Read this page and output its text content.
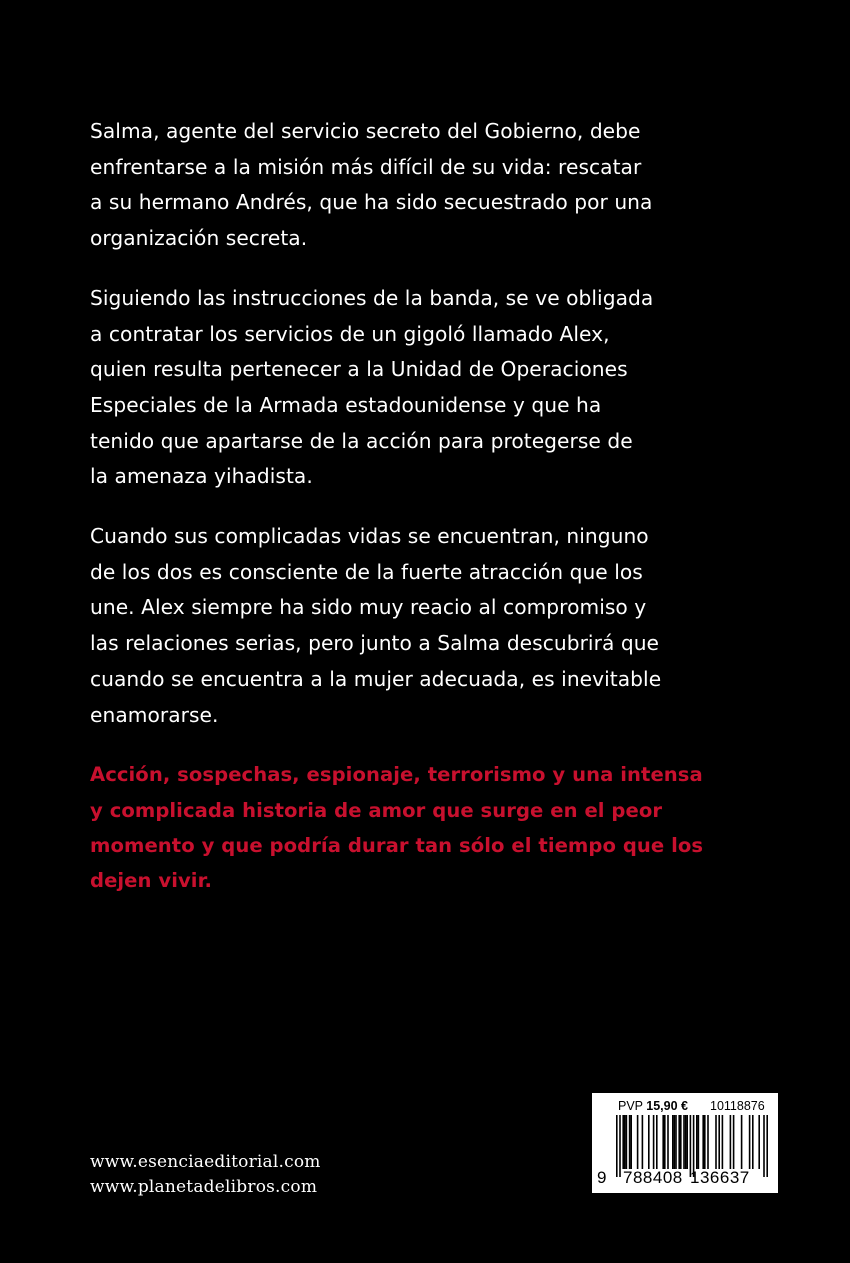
Salma, agente del servicio secreto del Gobierno, debe
enfrentarse a la misión más difícil de su vida: rescatar
a su hermano Andrés, que ha sido secuestrado por una
organización secreta.

Siguiendo las instrucciones de la banda, se ve obligada
a contratar los servicios de un gigoló llamado Alex,
quien resulta pertenecer a la Unidad de Operaciones
Especiales de la Armada estadounidense y que ha
tenido que apartarse de la acción para protegerse de
la amenaza yihadista.

Cuando sus complicadas vidas se encuentran, ninguno
de los dos es consciente de la fuerte atracción que los
une. Alex siempre ha sido muy reacio al compromiso y
las relaciones serias, pero junto a Salma descubrirá que
cuando se encuentra a la mujer adecuada, es inevitable
enamorarse.

Acción, sospechas, espionaje, terrorismo y una intensa
y complicada historia de amor que surge en el peor
momento y que podría durar tan sólo el tiempo que los
dejen vivir.

www.esenciaeditorial.com
www.planetadelibros.com
PVP 15,90 € 10118876
9 788408 136637
